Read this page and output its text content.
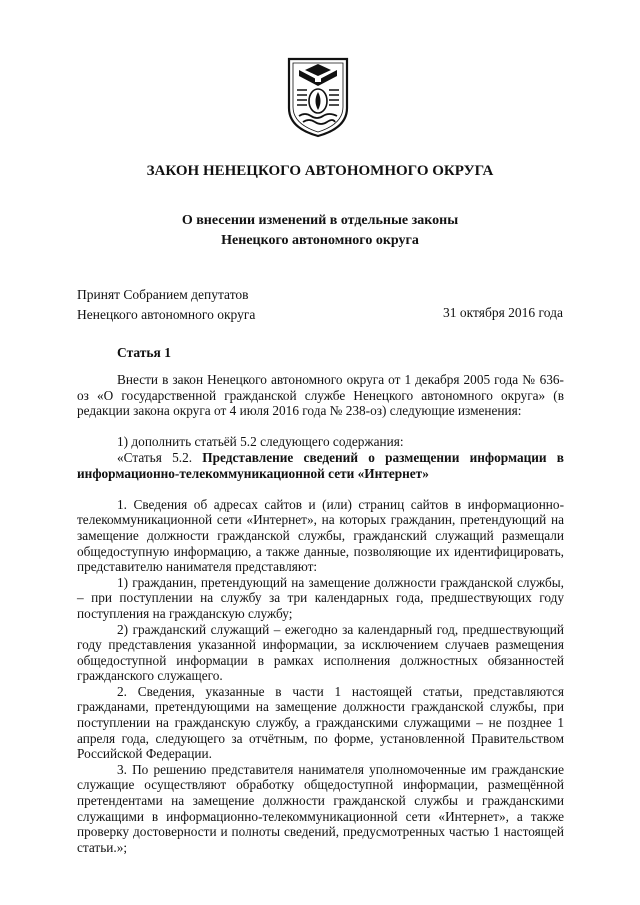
ЗАКОН НЕНЕЦКОГО АВТОНОМНОГО ОКРУГА
О внесении изменений в отдельные законы
Ненецкого автономного округа
Принят Собранием депутатов
Ненецкого автономного округа	31 октября 2016 года
Статья 1

Внести в закон Ненецкого автономного округа от 1 декабря 2005 года № 636-оз «О государственной гражданской службе Ненецкого автономного округа» (в редакции закона округа от 4 июля 2016 года № 238-оз) следующие изменения:

1) дополнить статьёй 5.2 следующего содержания:

«Статья 5.2. Представление сведений о размещении информации в информационно-телекоммуникационной сети «Интернет»

1. Сведения об адресах сайтов и (или) страниц сайтов в информационно-телекоммуникационной сети «Интернет», на которых гражданин, претендующий на замещение должности гражданской службы, гражданский служащий размещали общедоступную информацию, а также данные, позволяющие их идентифицировать, представителю нанимателя представляют:

1) гражданин, претендующий на замещение должности гражданской службы, – при поступлении на службу за три календарных года, предшествующих году поступления на гражданскую службу;

2) гражданский служащий – ежегодно за календарный год, предшествующий году представления указанной информации, за исключением случаев размещения общедоступной информации в рамках исполнения должностных обязанностей гражданского служащего.

2. Сведения, указанные в части 1 настоящей статьи, представляются гражданами, претендующими на замещение должности гражданской службы, при поступлении на гражданскую службу, а гражданскими служащими – не позднее 1 апреля года, следующего за отчётным, по форме, установленной Правительством Российской Федерации.

3. По решению представителя нанимателя уполномоченные им гражданские служащие осуществляют обработку общедоступной информации, размещённой претендентами на замещение должности гражданской службы и гражданскими служащими в информационно-телекоммуникационной сети «Интернет», а также проверку достоверности и полноты сведений, предусмотренных частью 1 настоящей статьи.»;
